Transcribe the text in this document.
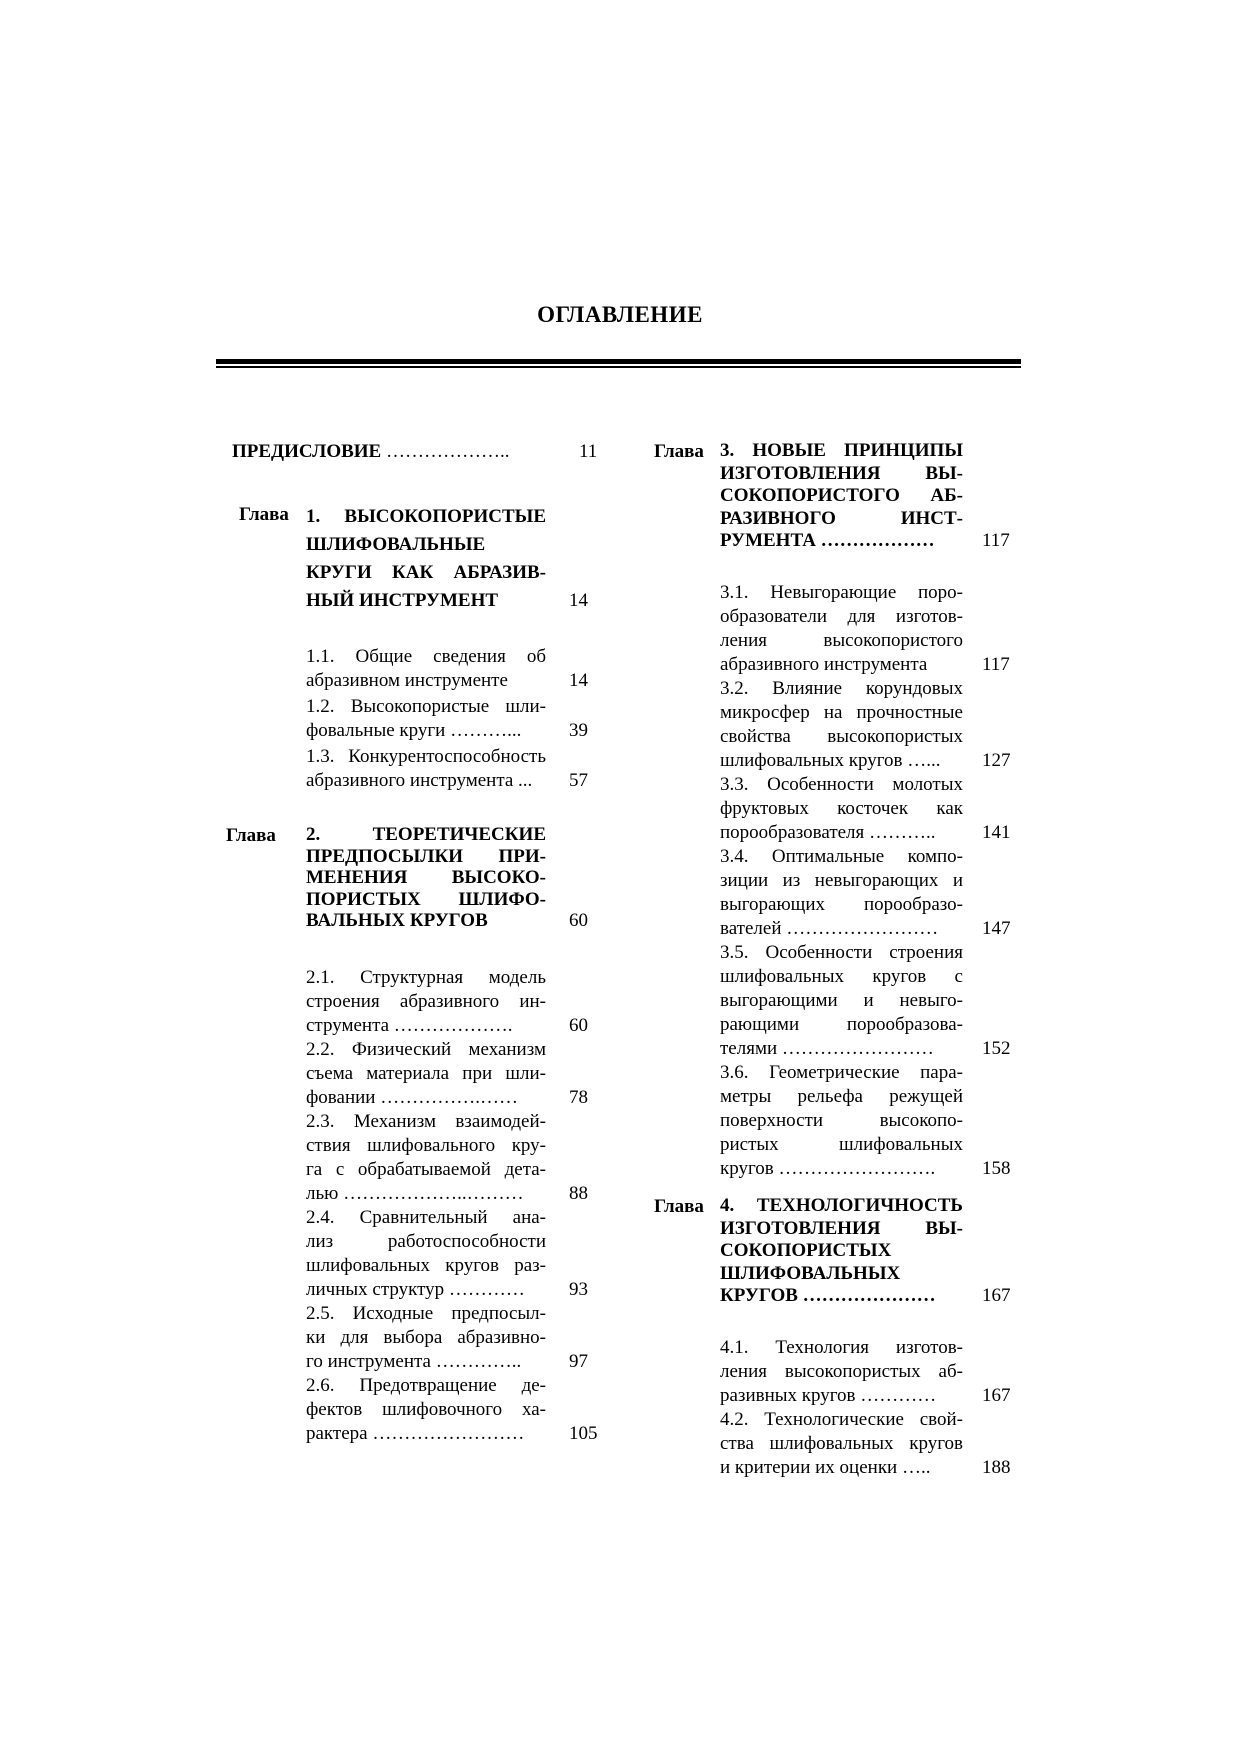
ОГЛАВЛЕНИЕ
ПРЕДИСЛОВИЕ ………………..	11
Глава 1. ВЫСОКОПОРИСТЫЕ
ШЛИФОВАЛЬНЫЕ
КРУГИ КАК АБРАЗИВ-
НЫЙ ИНСТРУМЕНТ	14
1.1. Общие сведения об
абразивном инструменте	14
1.2. Высокопористые шли-
фовальные круги ………...	39
1.3. Конкурентоспособность
абразивного инструмента ... 57
Глава 2. ТЕОРЕТИЧЕСКИЕ
ПРЕДПОСЫЛКИ ПРИ-
МЕНЕНИЯ ВЫСОКО-
ПОРИСТЫХ ШЛИФО-
ВАЛЬНЫХ КРУГОВ	60
2.1. Структурная модель
строения абразивного ин-
струмента ……………….	60
2.2. Физический механизм
съема материала при шли-
фовании …………….……	78
2.3. Механизм взаимодей-
ствия шлифовального кру-
га с обрабатываемой дета-
лью ………………..……… 88
2.4. Сравнительный ана-
лиз работоспособности
шлифовальных кругов раз-
личных структур ………… 93
2.5. Исходные предпосыл-
ки для выбора абразивно-
го инструмента …………..	97
2.6. Предотвращение де-
фектов шлифовочного ха-
рактера …………………… 105
Глава 3. НОВЫЕ ПРИНЦИПЫ
ИЗГОТОВЛЕНИЯ ВЫ-
СОКОПОРИСТОГО АБ-
РАЗИВНОГО ИНСТ-
РУМЕНТА ……………… 117
3.1. Невыгорающие поро-
образователи для изготов-
ления высокопористого
абразивного инструмента	117
3.2. Влияние корундовых
микросфер на прочностные
свойства высокопористых
шлифовальных кругов …... 127
3.3. Особенности молотых
фруктовых косточек как
порообразователя ……….. 141
3.4. Оптимальные компо-
зиции из невыгорающих и
выгорающих порообразо-
вателей …………………… 147
3.5. Особенности строения
шлифовальных кругов с
выгорающими и невыго-
рающими порообразова-
телями ……………………	152
3.6. Геометрические пара-
метры рельефа режущей
поверхности высокопо-
ристых шлифовальных
кругов ……………………. 158
Глава 4. ТЕХНОЛОГИЧНОСТЬ
ИЗГОТОВЛЕНИЯ ВЫ-
СОКОПОРИСТЫХ
ШЛИФОВАЛЬНЫХ
КРУГОВ ………………… 167
4.1. Технология изготов-
ления высокопористых аб-
разивных кругов ………… 167
4.2. Технологические свой-
ства шлифовальных кругов
и критерии их оценки …..	188
